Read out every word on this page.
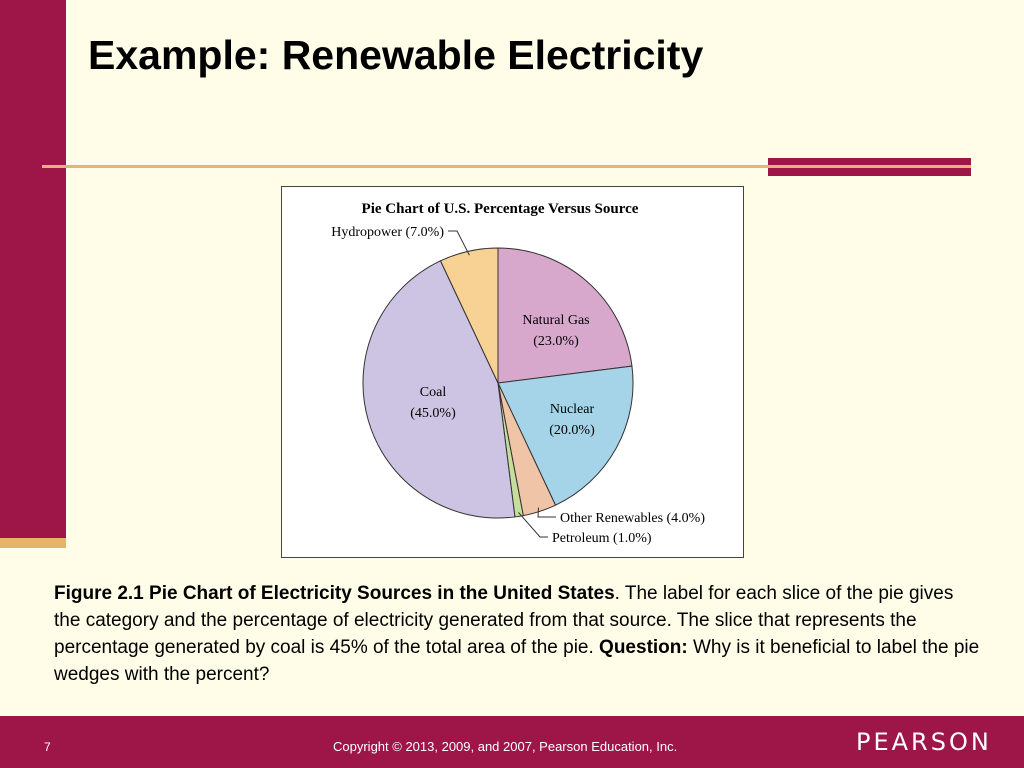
Example: Renewable Electricity
Pie Chart of U.S. Percentage Versus Source
Natural Gas
(23.0%)
Nuclear
(20.0%)
Other Renewables (4.0%)
Petroleum (1.0%)
Coal
(45.0%)
Hydropower (7.0%)
Figure 2.1 Pie Chart of Electricity Sources in the United States. The label for each slice of the pie gives the category and the percentage of electricity generated from that source. The slice that represents the percentage generated by coal is 45% of the total area of the pie. Question: Why is it beneficial to label the pie wedges with the percent?
7	Copyright © 2013, 2009, and 2007, Pearson Education, Inc.	PEARSON
